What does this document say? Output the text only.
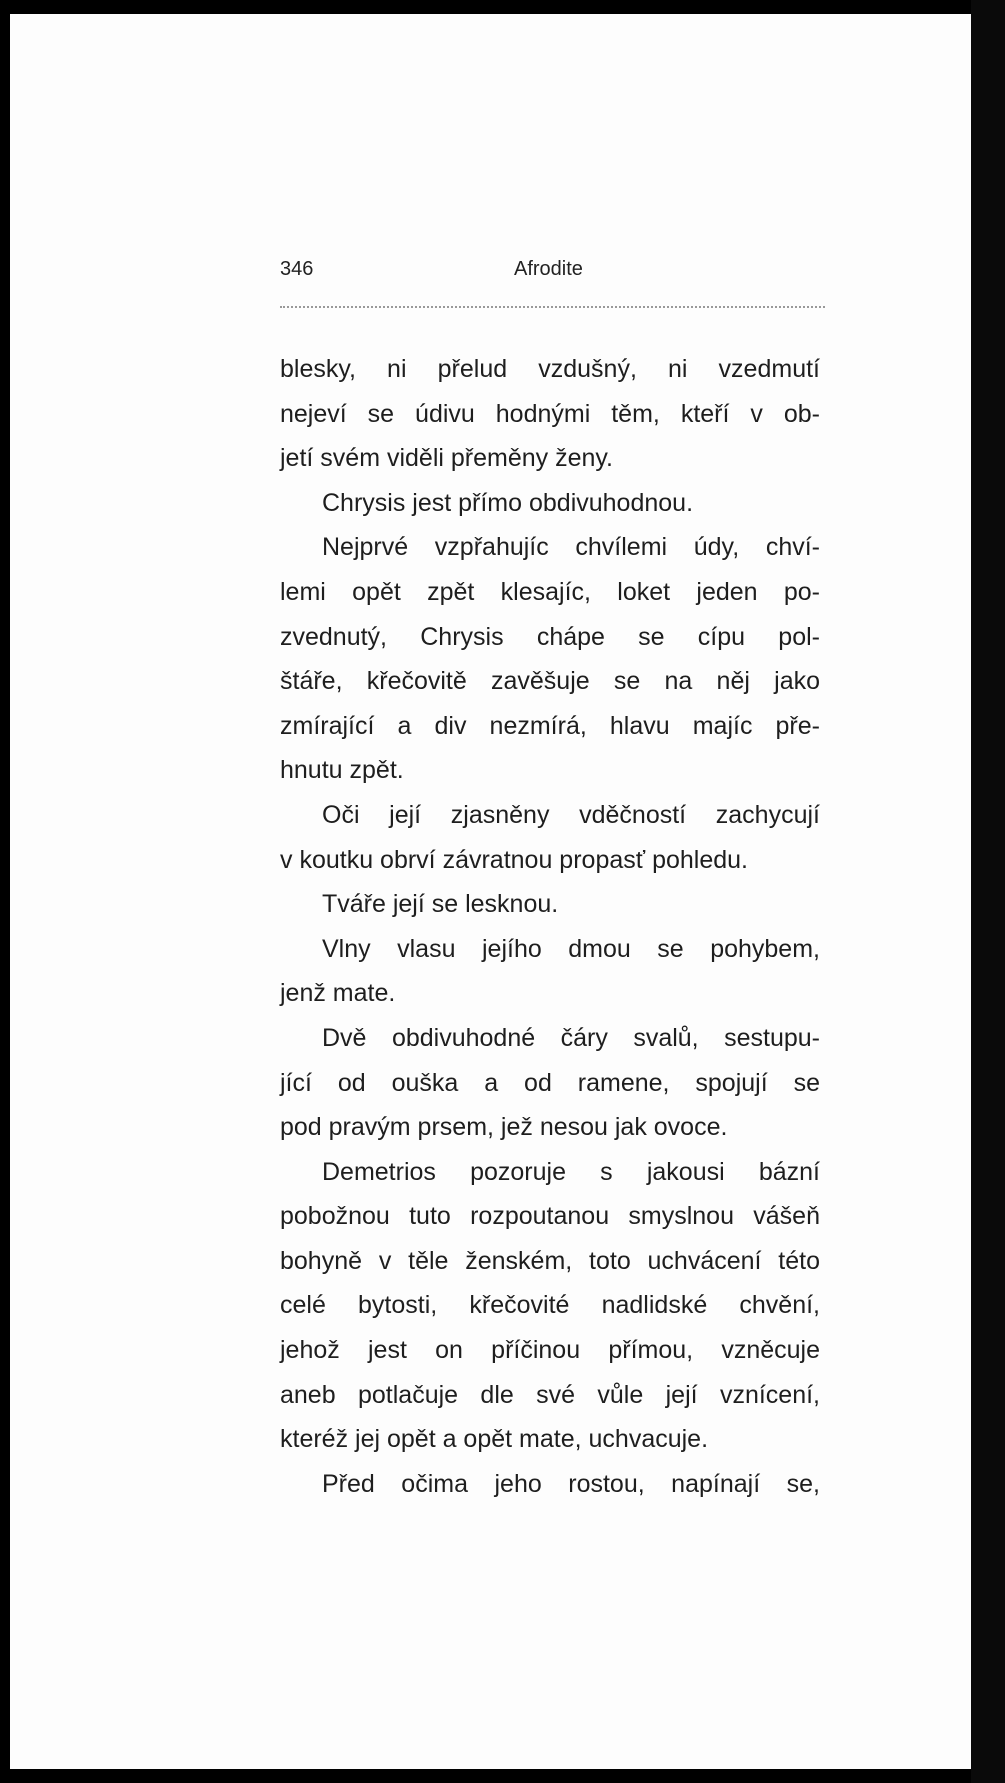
346	Afrodite
blesky, ni přelud vzdušný, ni vzedmutí
nejeví se údivu hodnými těm, kteří v ob-
jetí svém viděli přeměny ženy.
Chrysis jest přímo obdivuhodnou.
Nejprvé vzpřahujíc chvílemi údy, chví-
lemi opět zpět klesajíc, loket jeden po-
zvednutý, Chrysis chápe se cípu pol-
štáře, křečovitě zavěšuje se na něj jako
zmírající a div nezmírá, hlavu majíc pře-
hnutu zpět.
Oči její zjasněny vděčností zachycují
v koutku obrví závratnou propasť pohledu.
Tváře její se lesknou.
Vlny vlasu jejího dmou se pohybem,
jenž mate.
Dvě obdivuhodné čáry svalů, sestupu-
jící od ouška a od ramene, spojují se
pod pravým prsem, jež nesou jak ovoce.
Demetrios pozoruje s jakousi bázní
pobožnou tuto rozpoutanou smyslnou vášeň
bohyně v těle ženském, toto uchvácení této
celé bytosti, křečovité nadlidské chvění,
jehož jest on příčinou přímou, vzněcuje
aneb potlačuje dle své vůle její vznícení,
kteréž jej opět a opět mate, uchvacuje.
Před očima jeho rostou, napínají se,
